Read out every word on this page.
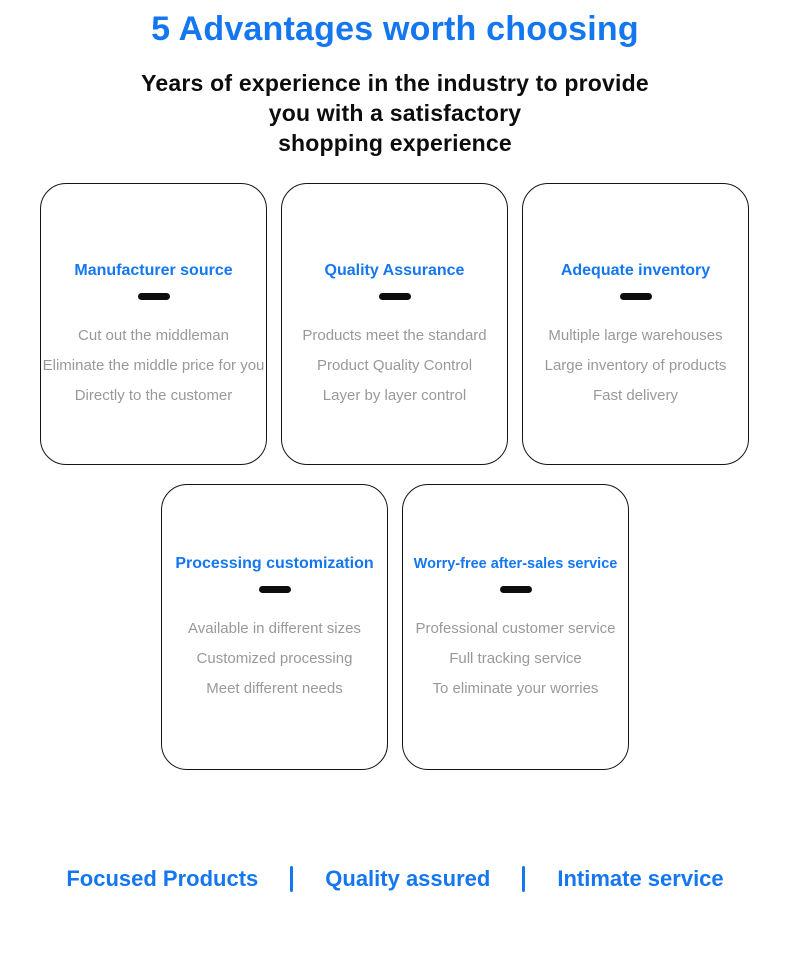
5 Advantages worth choosing
Years of experience in the industry to provide
you with a satisfactory
shopping experience
Manufacturer source
Cut out the middleman
Eliminate the middle price for you
Directly to the customer
Quality Assurance
Products meet the standard
Product Quality Control
Layer by layer control
Adequate inventory
Multiple large warehouses
Large inventory of products
Fast delivery
Processing customization
Available in different sizes
Customized processing
Meet different needs
Worry-free after-sales service
Professional customer service
Full tracking service
To eliminate your worries
Focused Products	Quality assured	Intimate service
